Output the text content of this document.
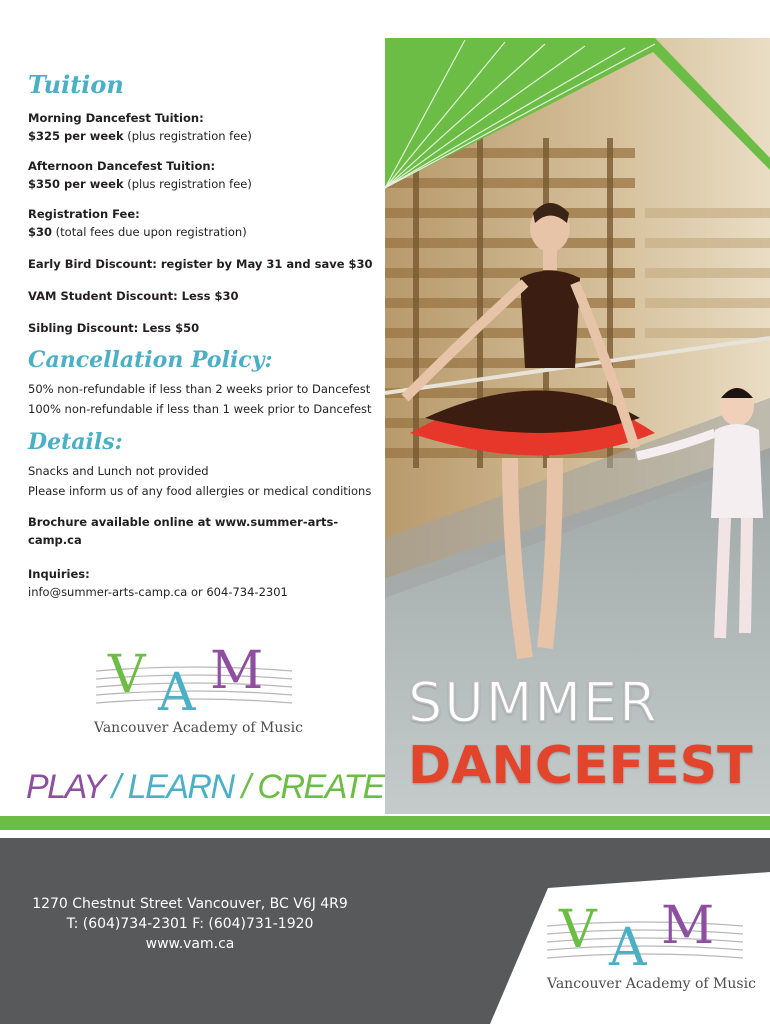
Tuition

Morning Dancefest Tuition:

$325 per week (plus registration fee)

Afternoon Dancefest Tuition:

$350 per week (plus registration fee)

Registration Fee:

$30 (total fees due upon registration)

Early Bird Discount: register by May 31 and save $30

VAM Student Discount: Less $30

Sibling Discount: Less $50

Cancellation Policy:

50% non-refundable if less than 2 weeks prior to Dancefest

100% non-refundable if less than 1 week prior to Dancefest

Details:

Snacks and Lunch not provided

Please inform us of any food allergies or medical conditions

Brochure available online at www.summer-arts-camp.ca

Inquiries:

info@summer-arts-camp.ca or 604-734-2301

V A M
Vancouver Academy of Music
PLAY / LEARN / CREATE
SUMMER
DANCEFEST
1270 Chestnut Street Vancouver, BC V6J 4R9
T: (604)734-2301 F: (604)731-1920
www.vam.ca	V A M
Vancouver Academy of Music
